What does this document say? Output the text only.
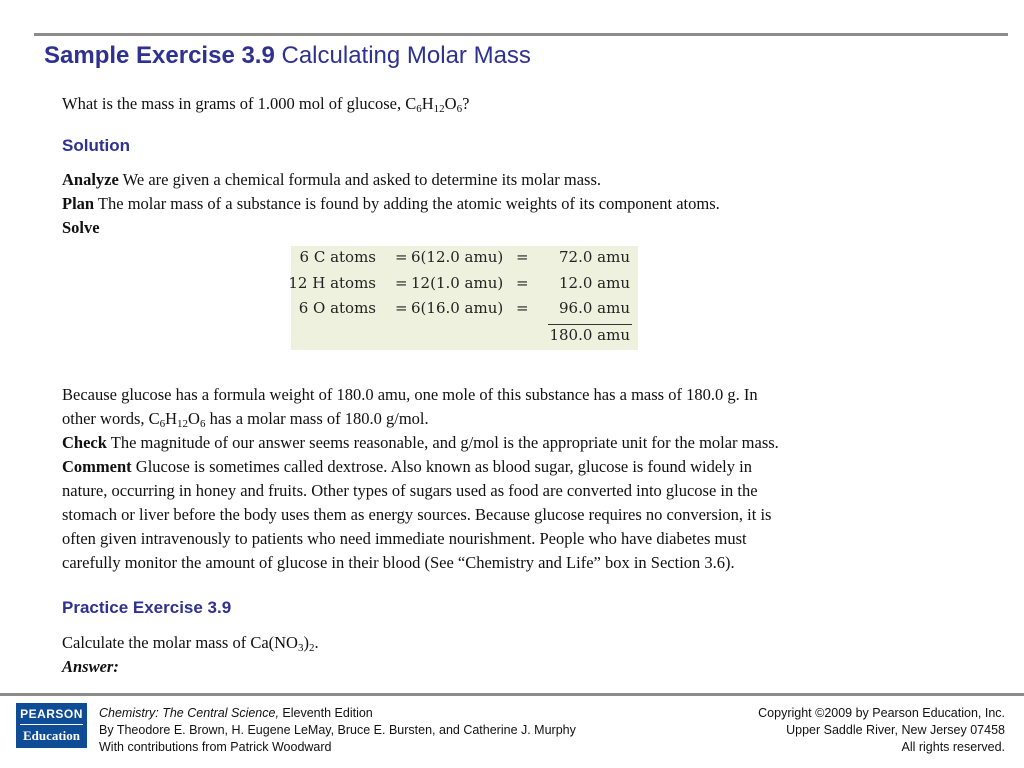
Sample Exercise 3.9 Calculating Molar Mass
What is the mass in grams of 1.000 mol of glucose, $C_6H_{12}O_6$?
Solution
Analyze We are given a chemical formula and asked to determine its molar mass.
Plan The molar mass of a substance is found by adding the atomic weights of its component atoms.
Solve
6 C atoms = 6(12.0 amu) = 72.0 amu
12 H atoms = 12(1.0 amu) = 12.0 amu
6 O atoms = 6(16.0 amu) = 96.0 amu
180.0 amu
Because glucose has a formula weight of 180.0 amu, one mole of this substance has a mass of 180.0 g. In
other words, $C_6H_{12}O_6$ has a molar mass of 180.0 g/mol.
Check The magnitude of our answer seems reasonable, and g/mol is the appropriate unit for the molar mass.
Comment Glucose is sometimes called dextrose. Also known as blood sugar, glucose is found widely in
nature, occurring in honey and fruits. Other types of sugars used as food are converted into glucose in the
stomach or liver before the body uses them as energy sources. Because glucose requires no conversion, it is
often given intravenously to patients who need immediate nourishment. People who have diabetes must
carefully monitor the amount of glucose in their blood (See “Chemistry and Life” box in Section 3.6).
Practice Exercise 3.9
Calculate the molar mass of $Ca(NO_3)_2$.
Answer:
PEARSON
Education
Chemistry: The Central Science, Eleventh Edition
By Theodore E. Brown, H. Eugene LeMay, Bruce E. Bursten, and Catherine J. Murphy
With contributions from Patrick Woodward
Copyright ©2009 by Pearson Education, Inc.
Upper Saddle River, New Jersey 07458
All rights reserved.
